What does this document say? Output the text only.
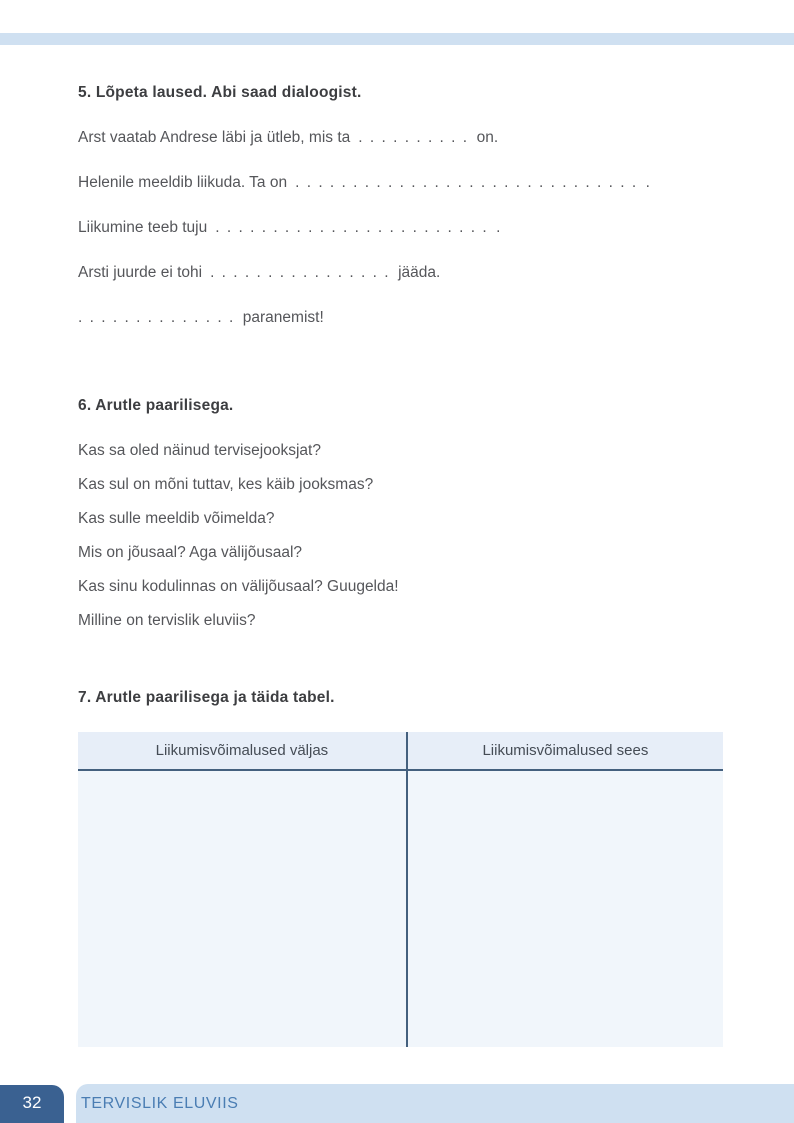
5. Lõpeta laused. Abi saad dialoogist.

Arst vaatab Andrese läbi ja ütleb, mis ta . . . . . . . . . . on.

Helenile meeldib liikuda. Ta on . . . . . . . . . . . . . . . . . . . . . . . . . . . . . . .

Liikumine teeb tuju . . . . . . . . . . . . . . . . . . . . . . . . .

Arsti juurde ei tohi . . . . . . . . . . . . . . . . jääda.

. . . . . . . . . . . . . . paranemist!

6. Arutle paarilisega.

Kas sa oled näinud tervisejooksjat?

Kas sul on mõni tuttav, kes käib jooksmas?

Kas sulle meeldib võimelda?

Mis on jõusaal? Aga välijõusaal?

Kas sinu kodulinnas on välijõusaal? Guugelda!

Milline on tervislik eluviis?

7. Arutle paarilisega ja täida tabel.
Liikumisvõimalused väljas	Liikumisvõimalused sees

32	TERVISLIK ELUVIIS
